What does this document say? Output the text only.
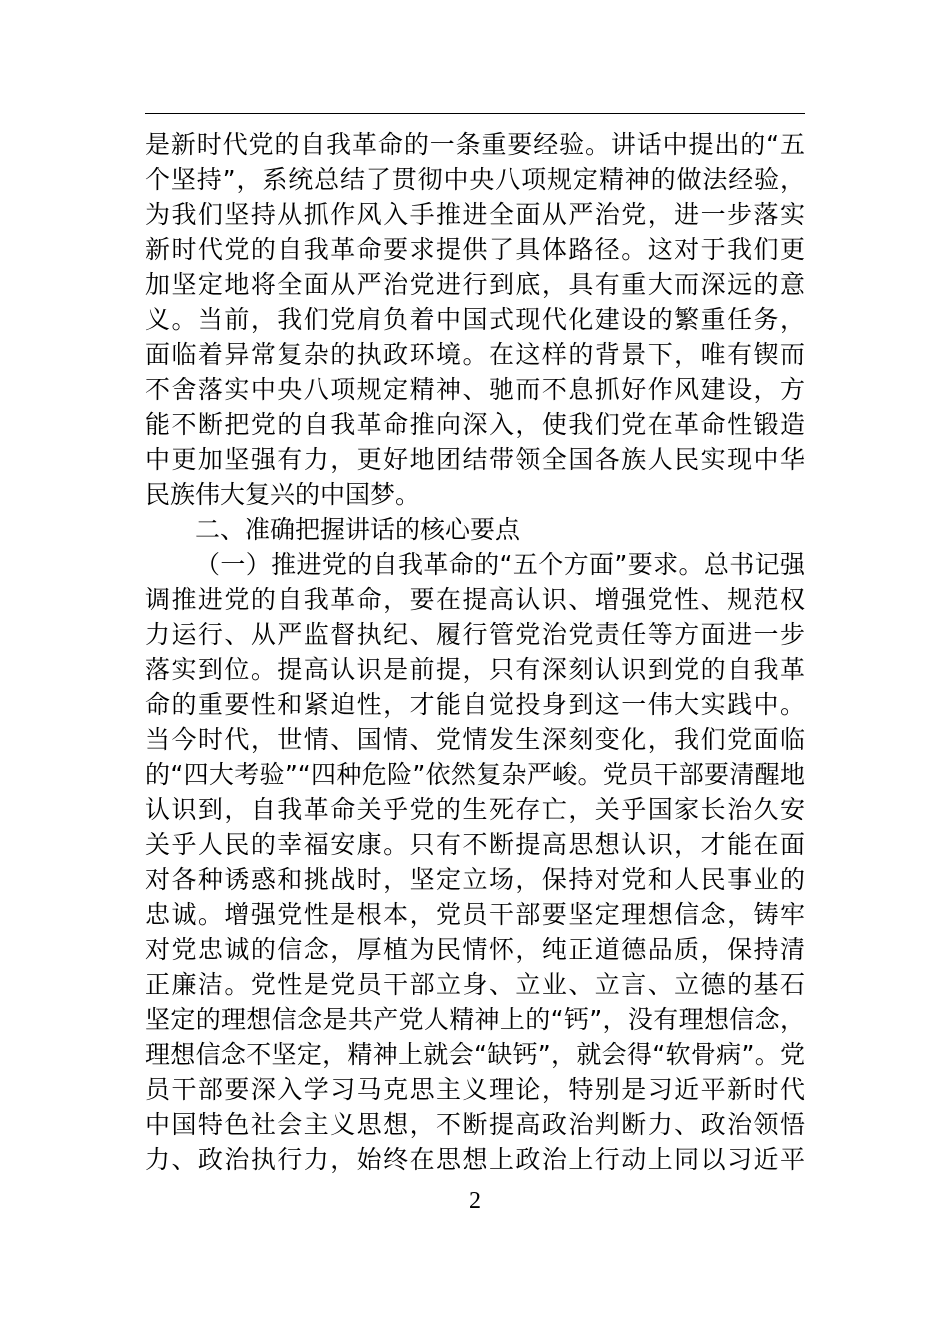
是新时代党的自我革命的一条重要经验。讲话中提出的“五
个坚持”，系统总结了贯彻中央八项规定精神的做法经验，
为我们坚持从抓作风入手推进全面从严治党，进一步落实
新时代党的自我革命要求提供了具体路径。这对于我们更
加坚定地将全面从严治党进行到底，具有重大而深远的意
义。当前，我们党肩负着中国式现代化建设的繁重任务，
面临着异常复杂的执政环境。在这样的背景下，唯有锲而
不舍落实中央八项规定精神、驰而不息抓好作风建设，方
能不断把党的自我革命推向深入，使我们党在革命性锻造
中更加坚强有力，更好地团结带领全国各族人民实现中华
民族伟大复兴的中国梦。
二、准确把握讲话的核心要点
（一）推进党的自我革命的“五个方面”要求。总书记强
调推进党的自我革命，要在提高认识、增强党性、规范权
力运行、从严监督执纪、履行管党治党责任等方面进一步
落实到位。提高认识是前提，只有深刻认识到党的自我革
命的重要性和紧迫性，才能自觉投身到这一伟大实践中。
当今时代，世情、国情、党情发生深刻变化，我们党面临
的“四大考验”“四种危险”依然复杂严峻。党员干部要清醒地
认识到，自我革命关乎党的生死存亡，关乎国家长治久安
关乎人民的幸福安康。只有不断提高思想认识，才能在面
对各种诱惑和挑战时，坚定立场，保持对党和人民事业的
忠诚。增强党性是根本，党员干部要坚定理想信念，铸牢
对党忠诚的信念，厚植为民情怀，纯正道德品质，保持清
正廉洁。党性是党员干部立身、立业、立言、立德的基石
坚定的理想信念是共产党人精神上的“钙”，没有理想信念，
理想信念不坚定，精神上就会“缺钙”，就会得“软骨病”。党
员干部要深入学习马克思主义理论，特别是习近平新时代
中国特色社会主义思想，不断提高政治判断力、政治领悟
力、政治执行力，始终在思想上政治上行动上同以习近平
2
